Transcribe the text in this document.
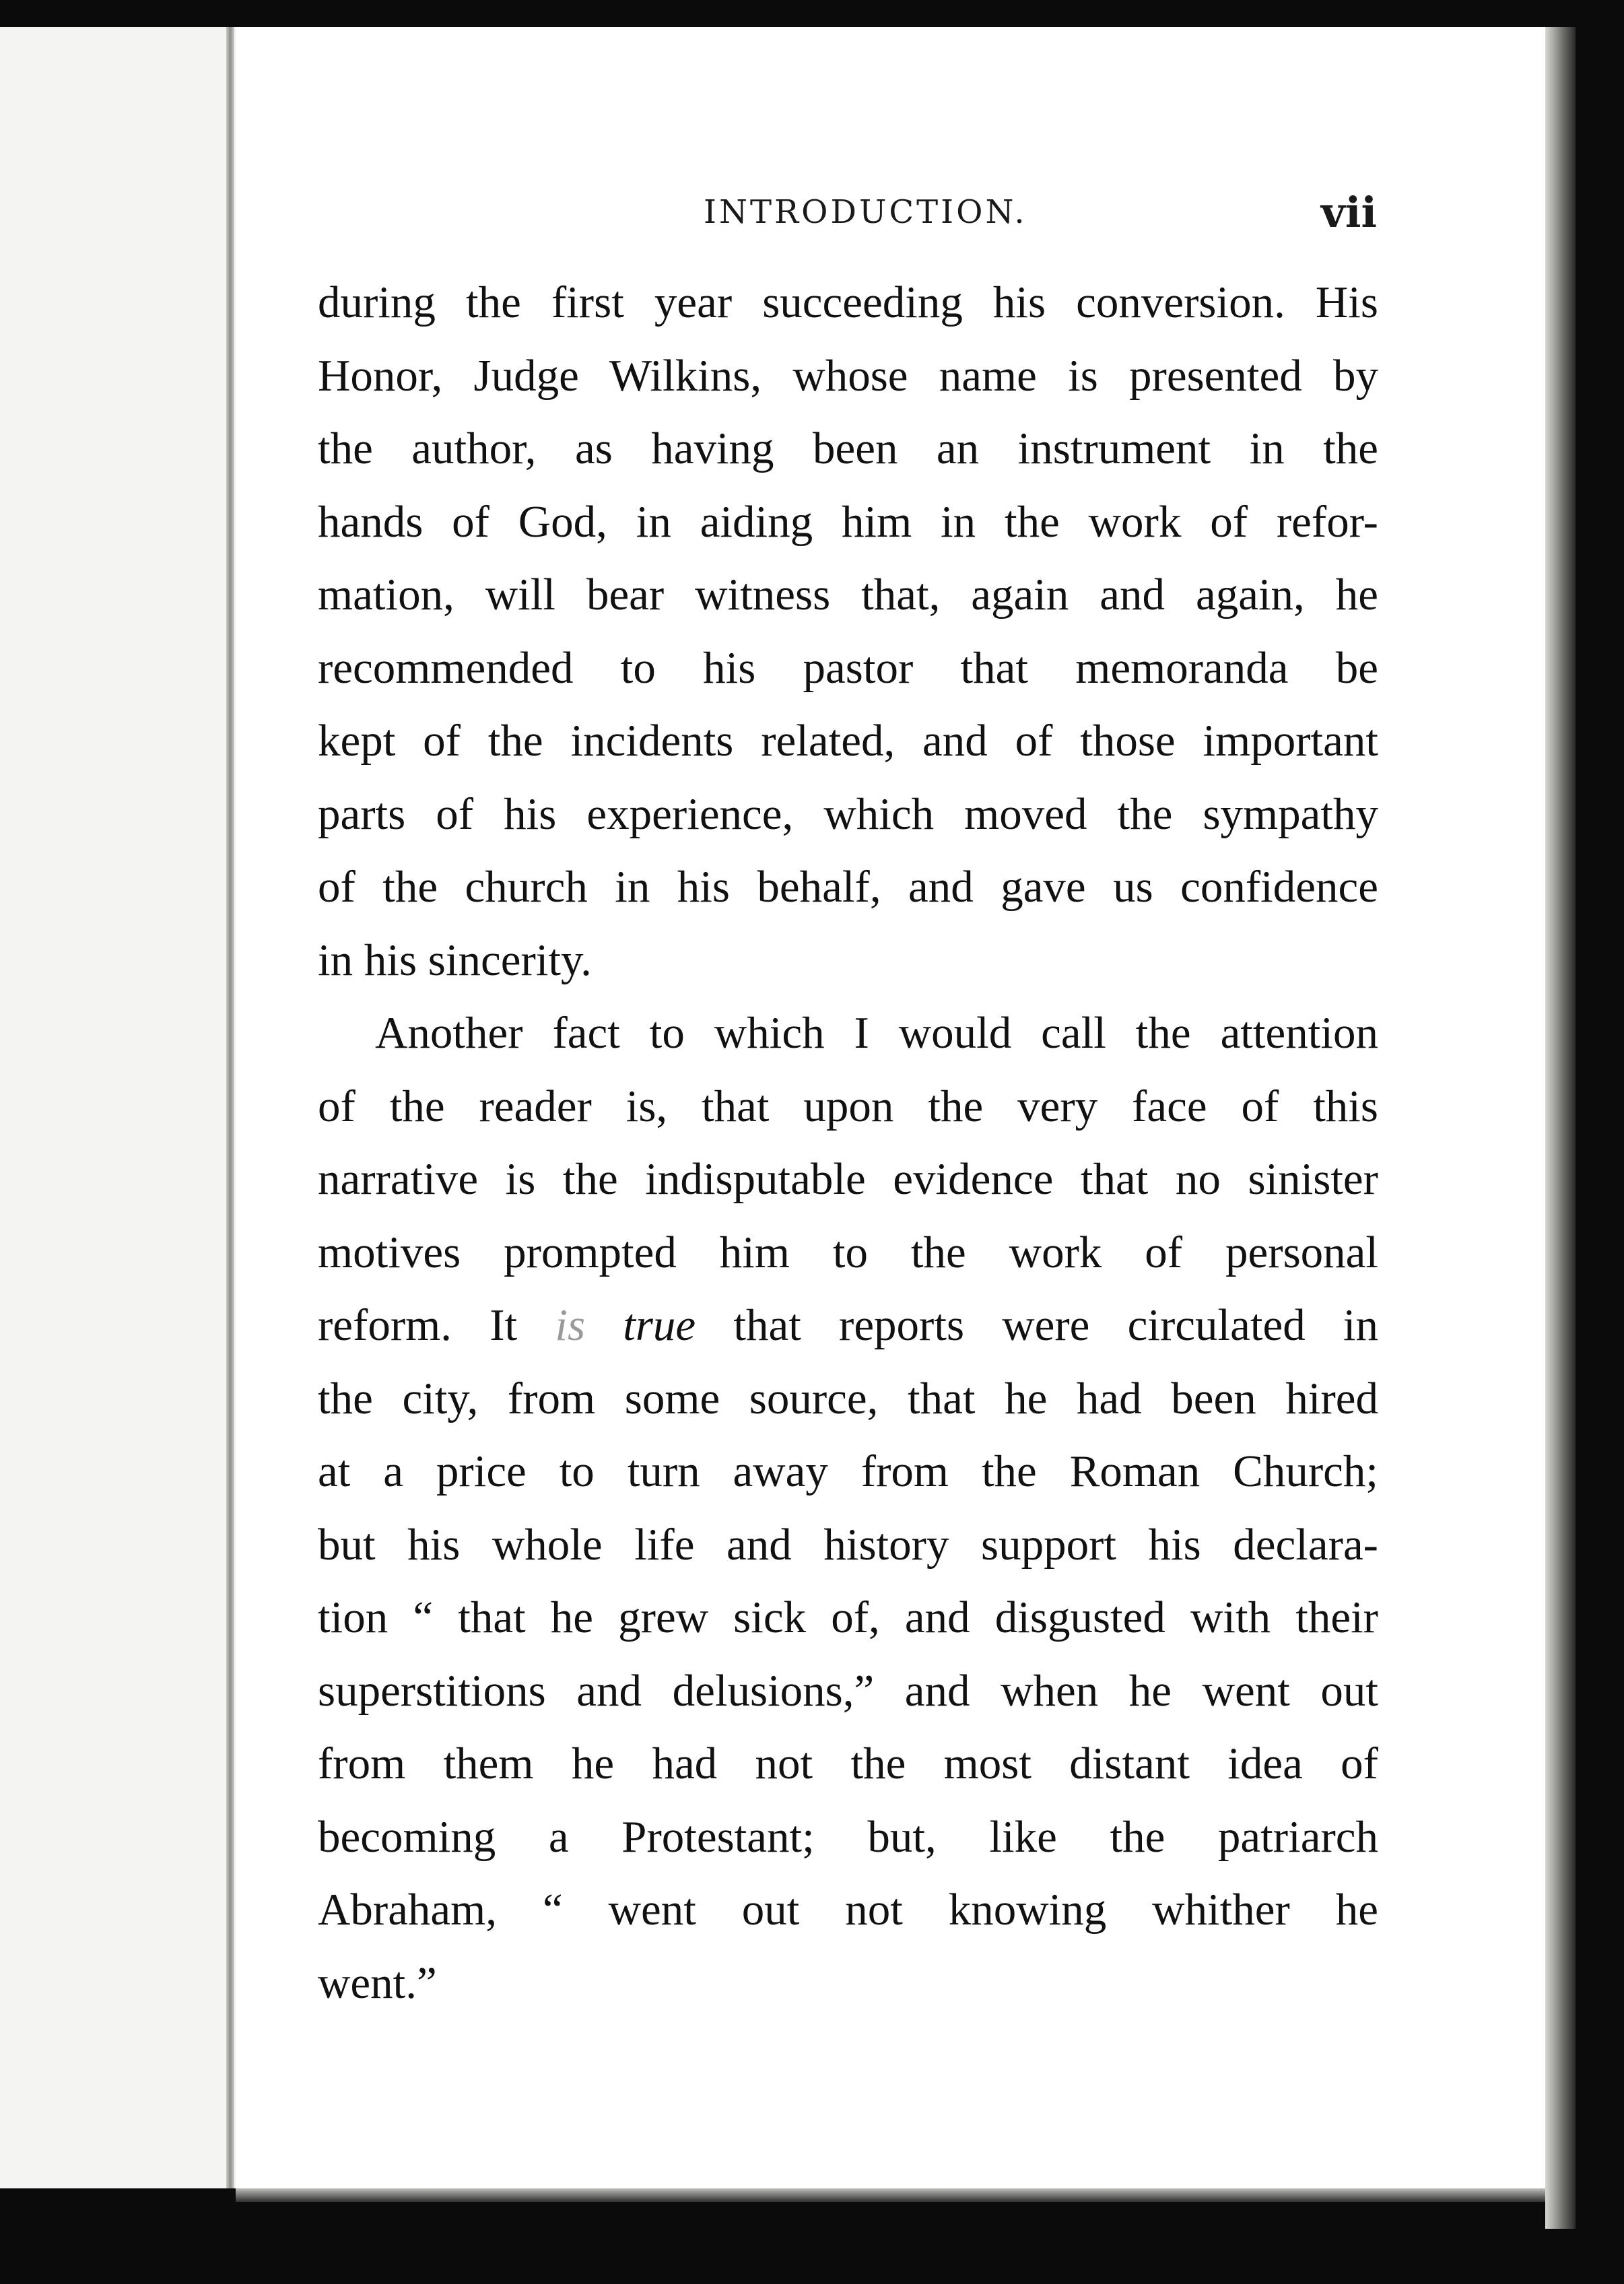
INTRODUCTION.	vii
during the first year succeeding his conversion. His
Honor, Judge Wilkins, whose name is presented by
the author, as having been an instrument in the
hands of God, in aiding him in the work of refor-
mation, will bear witness that, again and again, he
recommended to his pastor that memoranda be
kept of the incidents related, and of those important
parts of his experience, which moved the sympathy
of the church in his behalf, and gave us confidence
in his sincerity.
Another fact to which I would call the attention
of the reader is, that upon the very face of this
narrative is the indisputable evidence that no sinister
motives prompted him to the work of personal
reform. It is true that reports were circulated in
the city, from some source, that he had been hired
at a price to turn away from the Roman Church;
but his whole life and history support his declara-
tion “ that he grew sick of, and disgusted with their
superstitions and delusions,” and when he went out
from them he had not the most distant idea of
becoming a Protestant; but, like the patriarch
Abraham, “ went out not knowing whither he
went.”
